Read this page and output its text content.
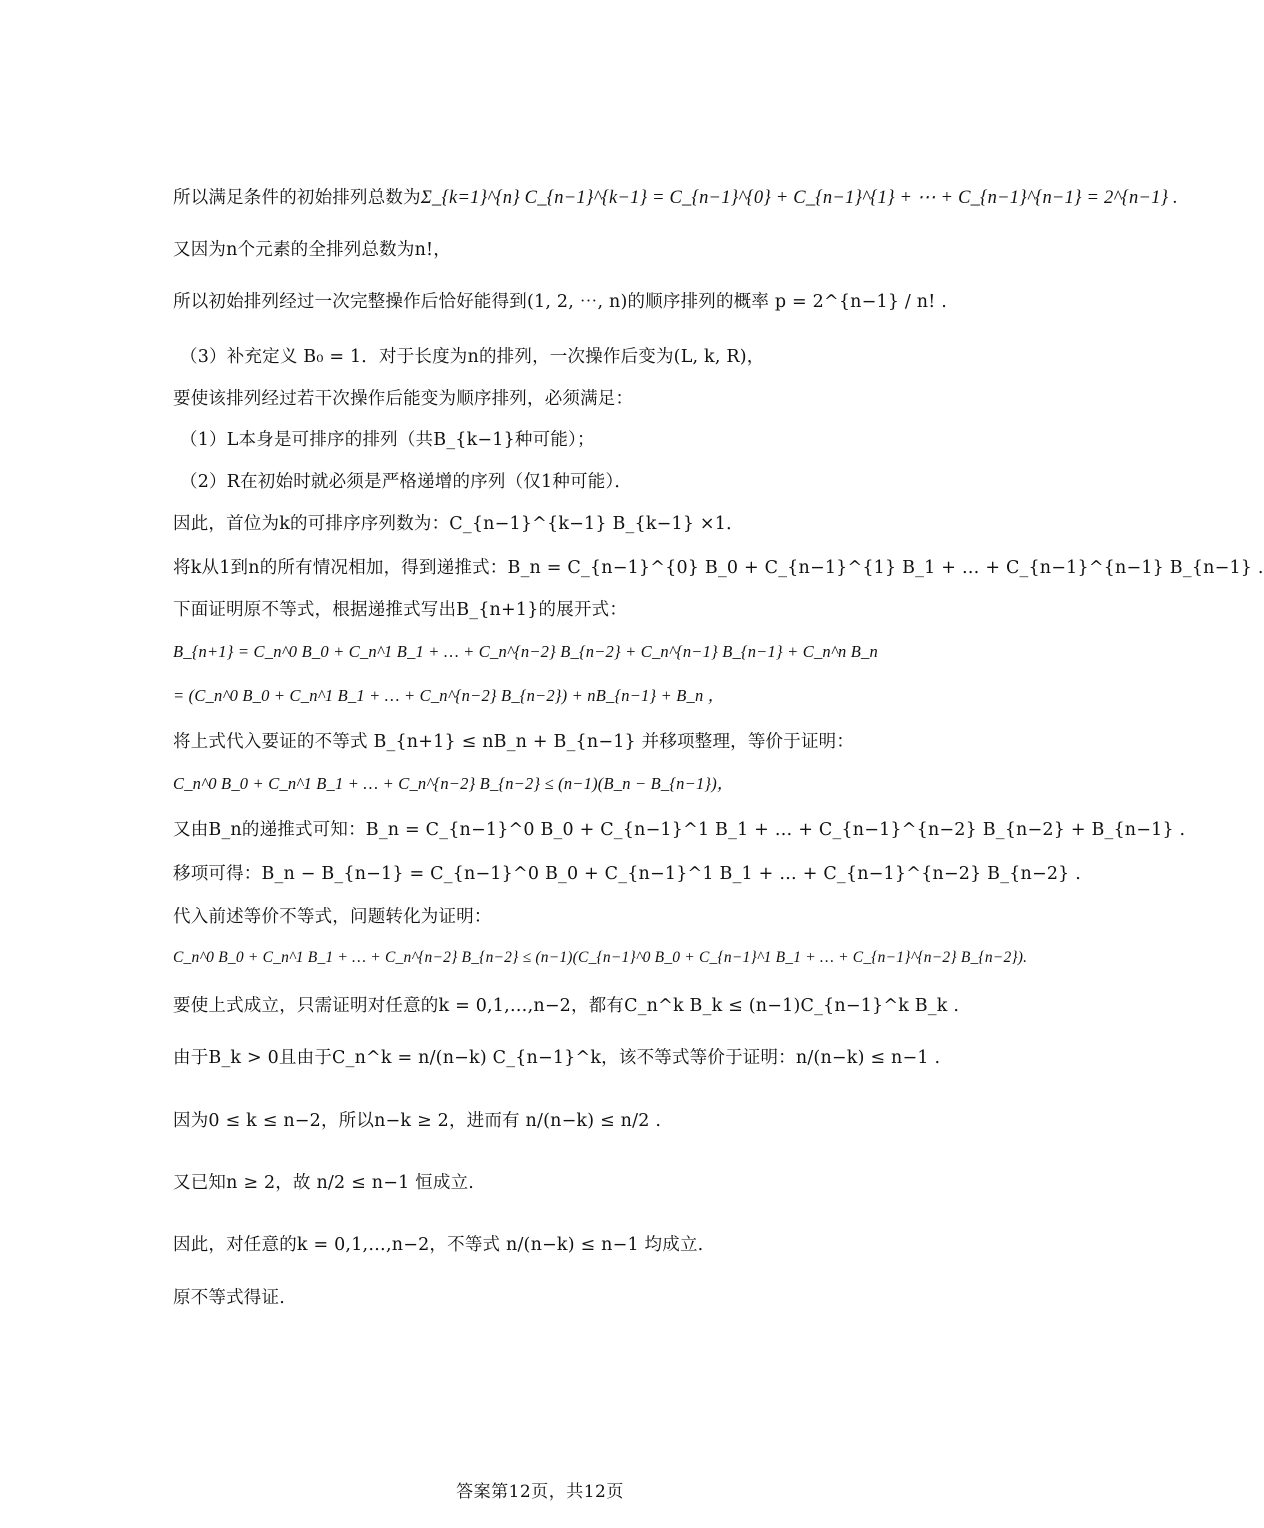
所以满足条件的初始排列总数为Σ_{k=1}^{n} C_{n−1}^{k−1} = C_{n−1}^{0} + C_{n−1}^{1} + ⋯ + C_{n−1}^{n−1} = 2^{n−1} .
又因为n个元素的全排列总数为n!，
所以初始排列经过一次完整操作后恰好能得到(1, 2, ⋯, n)的顺序排列的概率 p = 2^{n−1} / n! .
（3）补充定义 B₀ = 1．对于长度为n的排列，一次操作后变为(L, k, R)，
要使该排列经过若干次操作后能变为顺序排列，必须满足：
（1）L本身是可排序的排列（共B_{k−1}种可能）；
（2）R在初始时就必须是严格递增的序列（仅1种可能）．
因此，首位为k的可排序序列数为：C_{n−1}^{k−1} B_{k−1} ×1．
将k从1到n的所有情况相加，得到递推式：B_n = C_{n−1}^{0} B_0 + C_{n−1}^{1} B_1 + … + C_{n−1}^{n−1} B_{n−1} .
下面证明原不等式，根据递推式写出B_{n+1}的展开式：
B_{n+1} = C_n^0 B_0 + C_n^1 B_1 + … + C_n^{n−2} B_{n−2} + C_n^{n−1} B_{n−1} + C_n^n B_n
= (C_n^0 B_0 + C_n^1 B_1 + … + C_n^{n−2} B_{n−2}) + nB_{n−1} + B_n ，
将上式代入要证的不等式 B_{n+1} ≤ nB_n + B_{n−1} 并移项整理，等价于证明：
C_n^0 B_0 + C_n^1 B_1 + … + C_n^{n−2} B_{n−2} ≤ (n−1)(B_n − B_{n−1})，
又由B_n的递推式可知：B_n = C_{n−1}^0 B_0 + C_{n−1}^1 B_1 + … + C_{n−1}^{n−2} B_{n−2} + B_{n−1} .
移项可得：B_n − B_{n−1} = C_{n−1}^0 B_0 + C_{n−1}^1 B_1 + … + C_{n−1}^{n−2} B_{n−2} .
代入前述等价不等式，问题转化为证明：
C_n^0 B_0 + C_n^1 B_1 + … + C_n^{n−2} B_{n−2} ≤ (n−1)(C_{n−1}^0 B_0 + C_{n−1}^1 B_1 + … + C_{n−1}^{n−2} B_{n−2}).
要使上式成立，只需证明对任意的k = 0,1,…,n−2，都有C_n^k B_k ≤ (n−1)C_{n−1}^k B_k .
由于B_k > 0且由于C_n^k = n/(n−k) C_{n−1}^k，该不等式等价于证明：n/(n−k) ≤ n−1 .
因为0 ≤ k ≤ n−2，所以n−k ≥ 2，进而有 n/(n−k) ≤ n/2 .
又已知n ≥ 2，故 n/2 ≤ n−1 恒成立.
因此，对任意的k = 0,1,…,n−2，不等式 n/(n−k) ≤ n−1 均成立.
原不等式得证.
答案第12页，共12页
